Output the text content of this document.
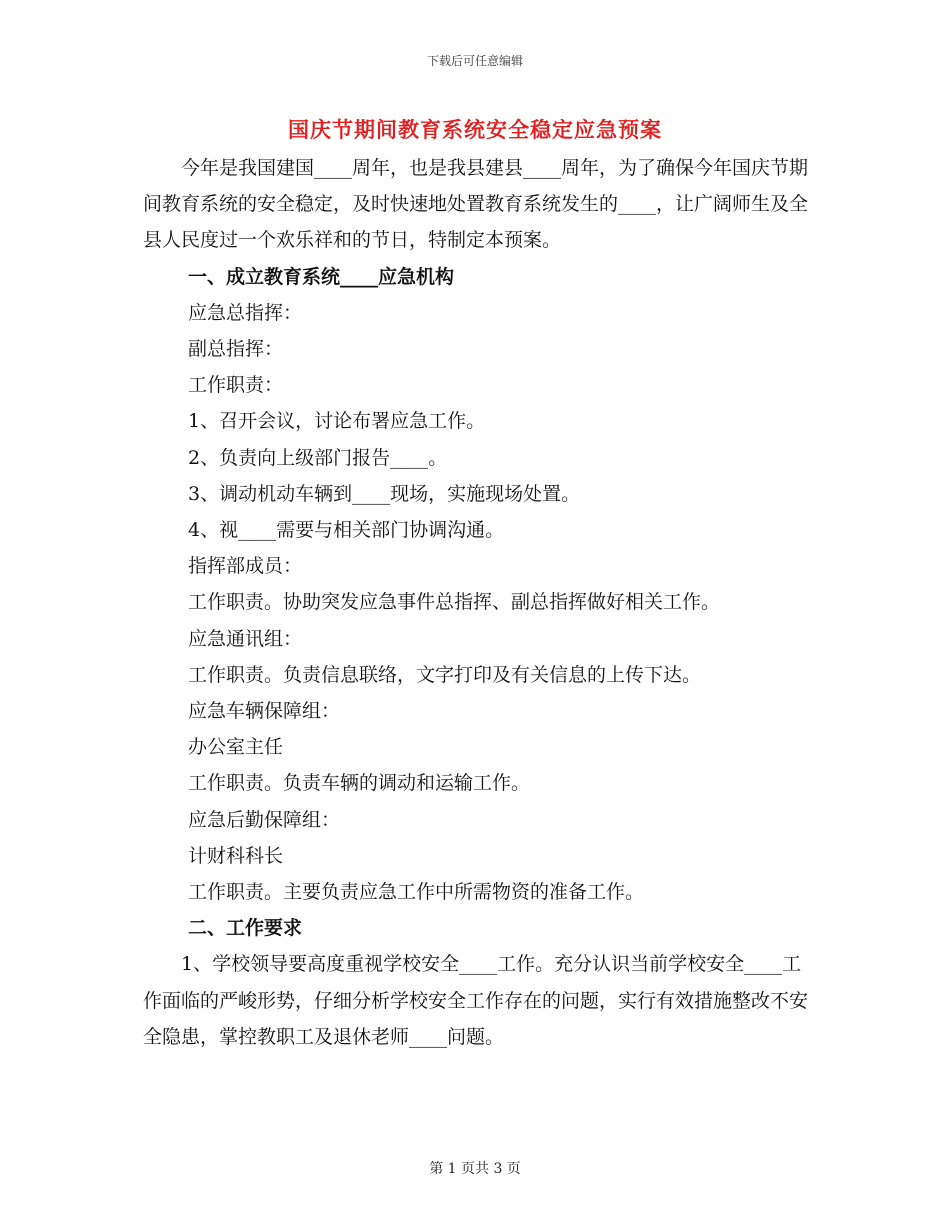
下载后可任意编辑
国庆节期间教育系统安全稳定应急预案

今年是我国建国____周年，也是我县建县____周年，为了确保今年国庆节期间教育系统的安全稳定，及时快速地处置教育系统发生的____，让广阔师生及全县人民度过一个欢乐祥和的节日，特制定本预案。

一、成立教育系统____应急机构

应急总指挥：

副总指挥：

工作职责：

1、召开会议，讨论布署应急工作。

2、负责向上级部门报告____。

3、调动机动车辆到____现场，实施现场处置。

4、视____需要与相关部门协调沟通。

指挥部成员：

工作职责。协助突发应急事件总指挥、副总指挥做好相关工作。

应急通讯组：

工作职责。负责信息联络，文字打印及有关信息的上传下达。

应急车辆保障组：

办公室主任

工作职责。负责车辆的调动和运输工作。

应急后勤保障组：

计财科科长

工作职责。主要负责应急工作中所需物资的准备工作。

二、工作要求

1、学校领导要高度重视学校安全____工作。充分认识当前学校安全____工作面临的严峻形势，仔细分析学校安全工作存在的问题，实行有效措施整改不安全隐患，掌控教职工及退休老师____问题。

第 1 页共 3 页
